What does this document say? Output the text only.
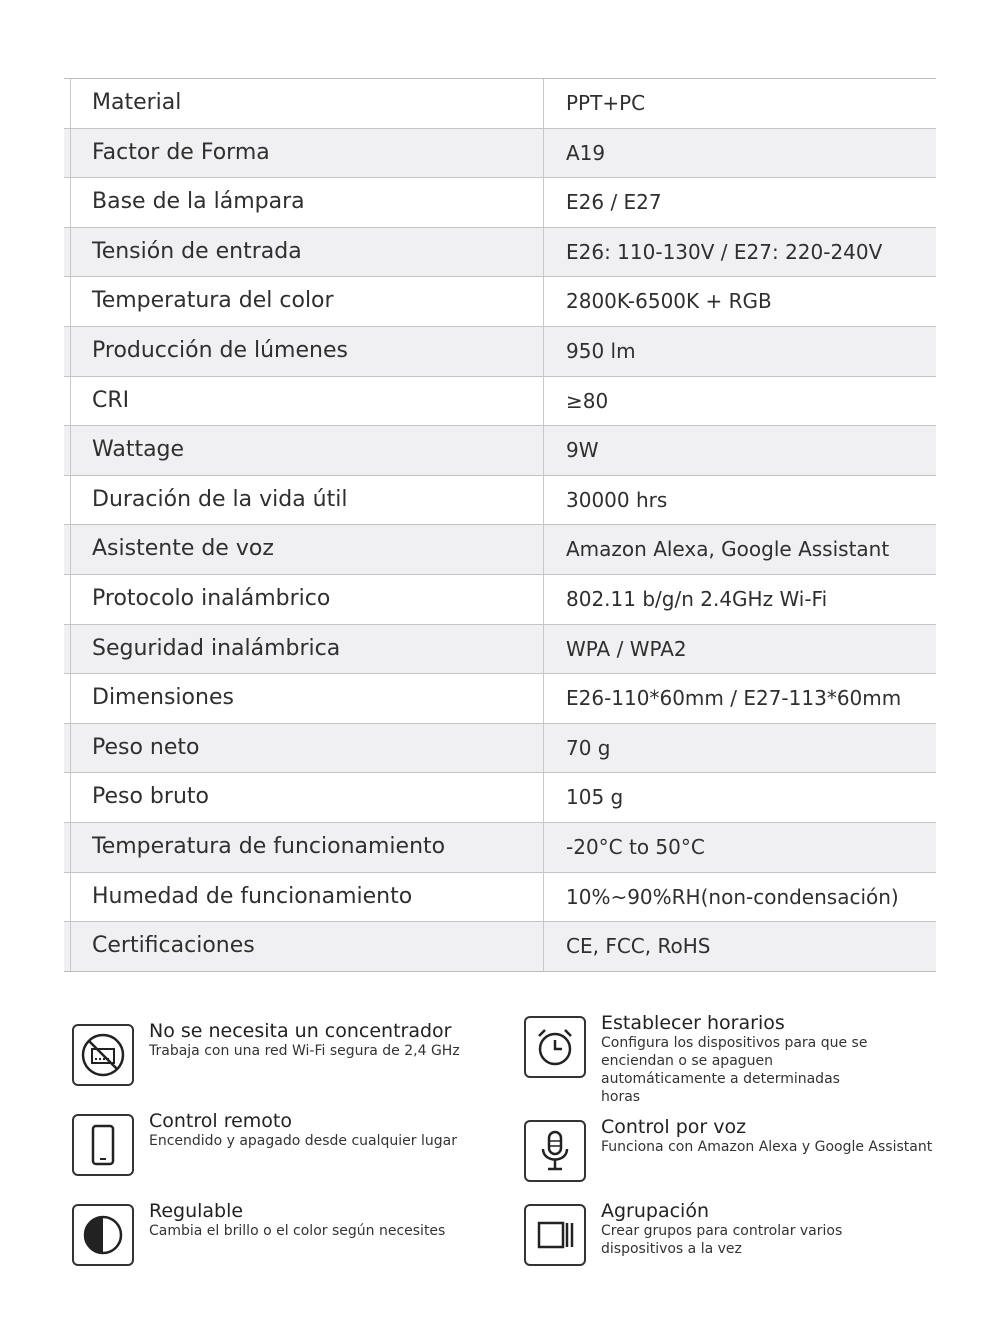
Material	PPT+PC
Factor de Forma	A19
Base de la lámpara	E26 / E27
Tensión de entrada	E26: 110-130V / E27: 220-240V
Temperatura del color	2800K-6500K + RGB
Producción de lúmenes	950 lm
CRI	≥80
Wattage	9W
Duración de la vida útil	30000 hrs
Asistente de voz	Amazon Alexa, Google Assistant
Protocolo inalámbrico	802.11 b/g/n 2.4GHz Wi-Fi
Seguridad inalámbrica	WPA / WPA2
Dimensiones	E26-110*60mm / E27-113*60mm
Peso neto	70 g
Peso bruto	105 g
Temperatura de funcionamiento	-20°C to 50°C
Humedad de funcionamiento	10%~90%RH(non-condensación)
Certificaciones	CE, FCC, RoHS
No se necesita un concentrador
Trabaja con una red Wi-Fi segura de 2,4 GHz
Establecer horarios
Configura los dispositivos para que se enciendan o se apaguen automáticamente a determinadas horas
Control remoto
Encendido y apagado desde cualquier lugar
Control por voz
Funciona con Amazon Alexa y Google Assistant
Regulable
Cambia el brillo o el color según necesites
Agrupación
Crear grupos para controlar varios dispositivos a la vez
